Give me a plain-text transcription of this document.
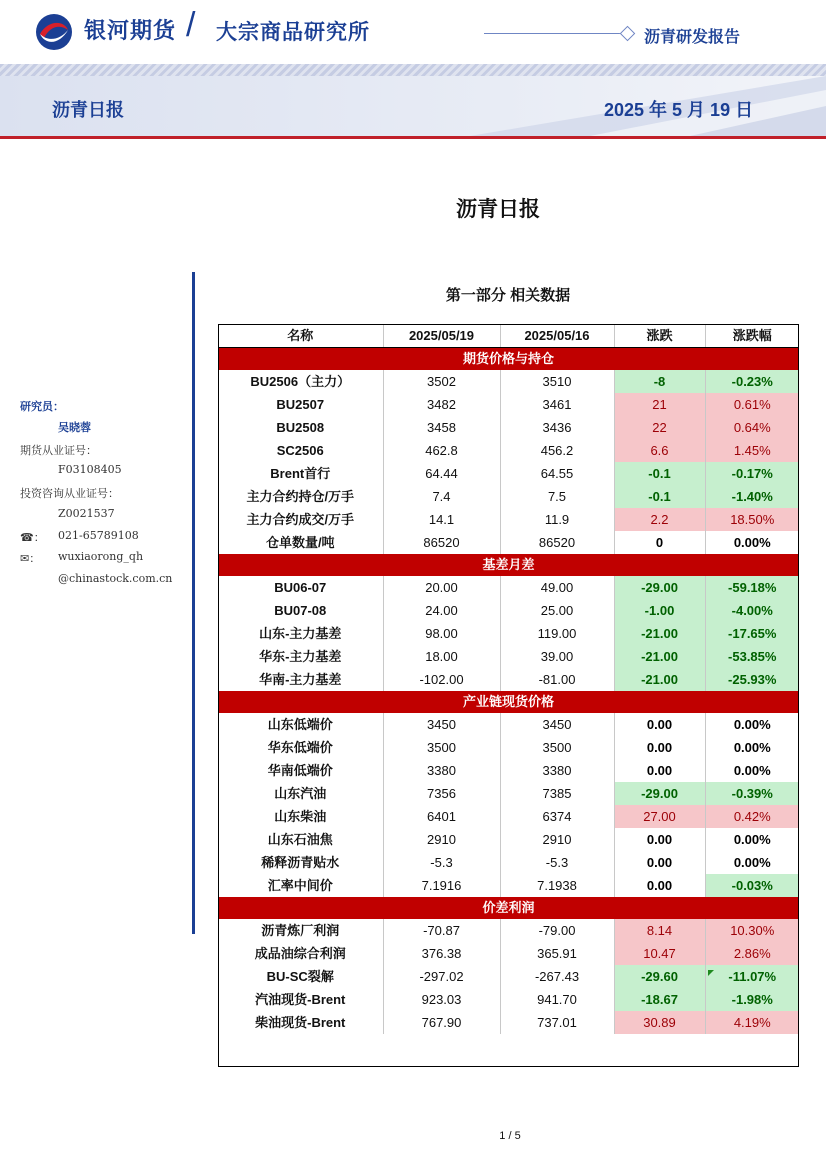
银河期货 / 大宗商品研究所	沥青研发报告
沥青日报	2025 年 5 月 19 日
沥青日报
研究员：
吴晓蓉
期货从业证号：
F03108405
投资咨询从业证号：
Z0021537
☎： 021-65789108
✉： wuxiaorong_qh
@chinastock.com.cn
第一部分 相关数据
名称	2025/05/19	2025/05/16	涨跌	涨跌幅
期货价格与持仓				
BU2506（主力）	3502	3510	-8	-0.23%
BU2507	3482	3461	21	0.61%
BU2508	3458	3436	22	0.64%
SC2506	462.8	456.2	6.6	1.45%
Brent首行	64.44	64.55	-0.1	-0.17%
主力合约持仓/万手	7.4	7.5	-0.1	-1.40%
主力合约成交/万手	14.1	11.9	2.2	18.50%
仓单数量/吨	86520	86520	0	0.00%
基差月差				
BU06-07	20.00	49.00	-29.00	-59.18%
BU07-08	24.00	25.00	-1.00	-4.00%
山东-主力基差	98.00	119.00	-21.00	-17.65%
华东-主力基差	18.00	39.00	-21.00	-53.85%
华南-主力基差	-102.00	-81.00	-21.00	-25.93%
产业链现货价格				
山东低端价	3450	3450	0.00	0.00%
华东低端价	3500	3500	0.00	0.00%
华南低端价	3380	3380	0.00	0.00%
山东汽油	7356	7385	-29.00	-0.39%
山东柴油	6401	6374	27.00	0.42%
山东石油焦	2910	2910	0.00	0.00%
稀释沥青贴水	-5.3	-5.3	0.00	0.00%
汇率中间价	7.1916	7.1938	0.00	-0.03%
价差利润				
沥青炼厂利润	-70.87	-79.00	8.14	10.30%
成品油综合利润	376.38	365.91	10.47	2.86%
BU-SC裂解	-297.02	-267.43	-29.60	-11.07%
汽油现货-Brent	923.03	941.70	-18.67	-1.98%
柴油现货-Brent	767.90	737.01	30.89	4.19%
1 / 5
